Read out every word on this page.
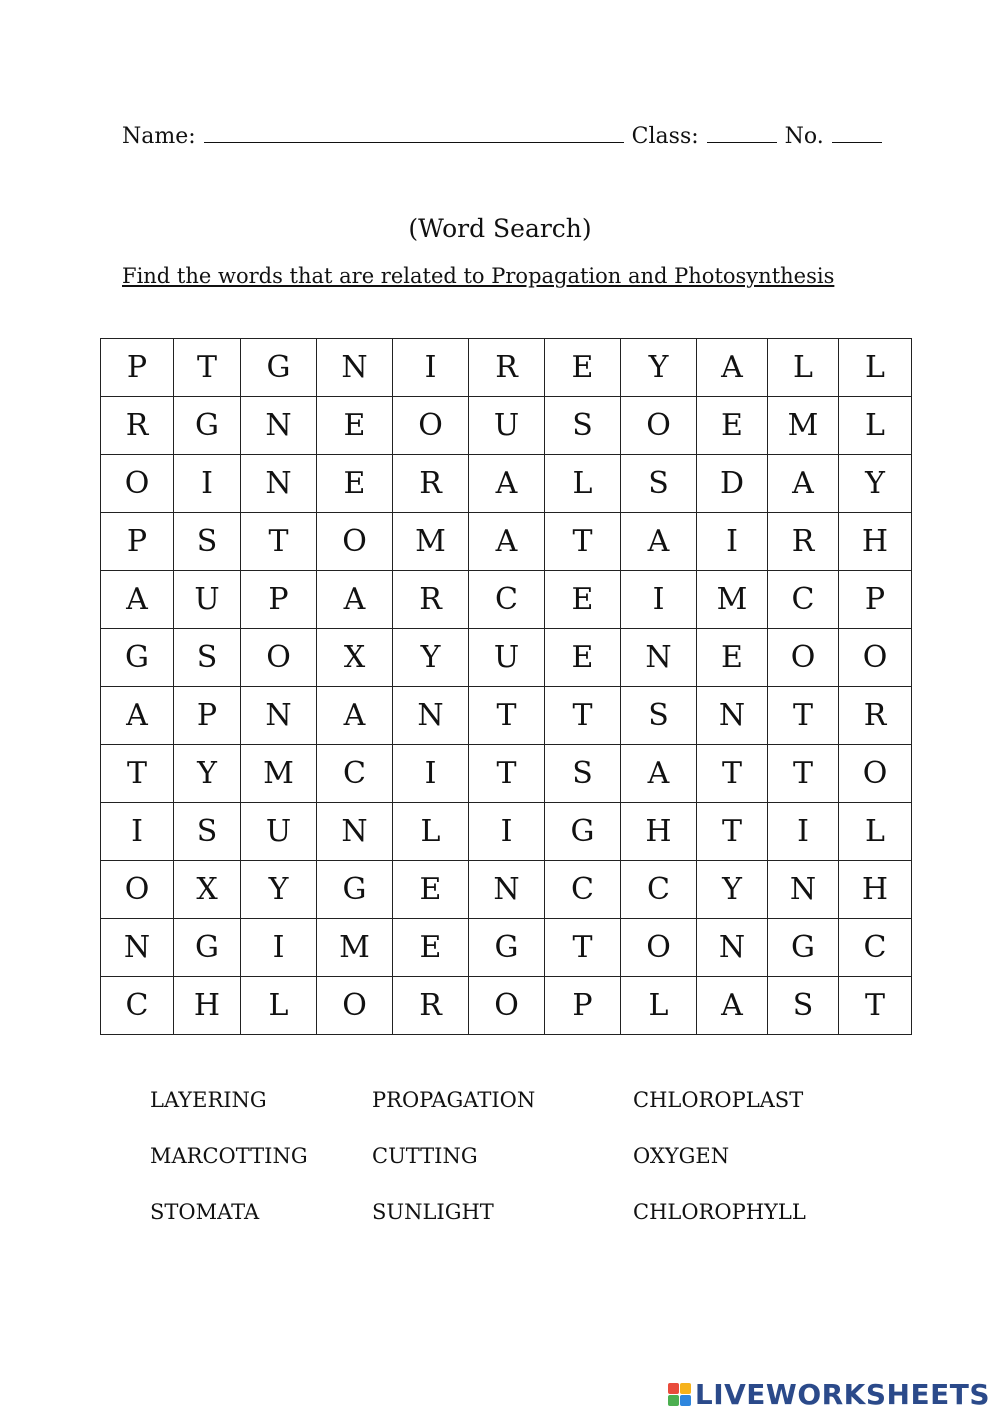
Name:	Class:	No.
(Word Search)
Find the words that are related to Propagation and Photosynthesis
P	T	G	N	I	R	E	Y	A	L	L
R	G	N	E	O	U	S	O	E	M	L
O	I	N	E	R	A	L	S	D	A	Y
P	S	T	O	M	A	T	A	I	R	H
A	U	P	A	R	C	E	I	M	C	P
G	S	O	X	Y	U	E	N	E	O	O
A	P	N	A	N	T	T	S	N	T	R
T	Y	M	C	I	T	S	A	T	T	O
I	S	U	N	L	I	G	H	T	I	L
O	X	Y	G	E	N	C	C	Y	N	H
N	G	I	M	E	G	T	O	N	G	C
C	H	L	O	R	O	P	L	A	S	T
LAYERING	PROPAGATION	CHLOROPLAST
MARCOTTING	CUTTING	OXYGEN
STOMATA	SUNLIGHT	CHLOROPHYLL
LIVEWORKSHEETS
